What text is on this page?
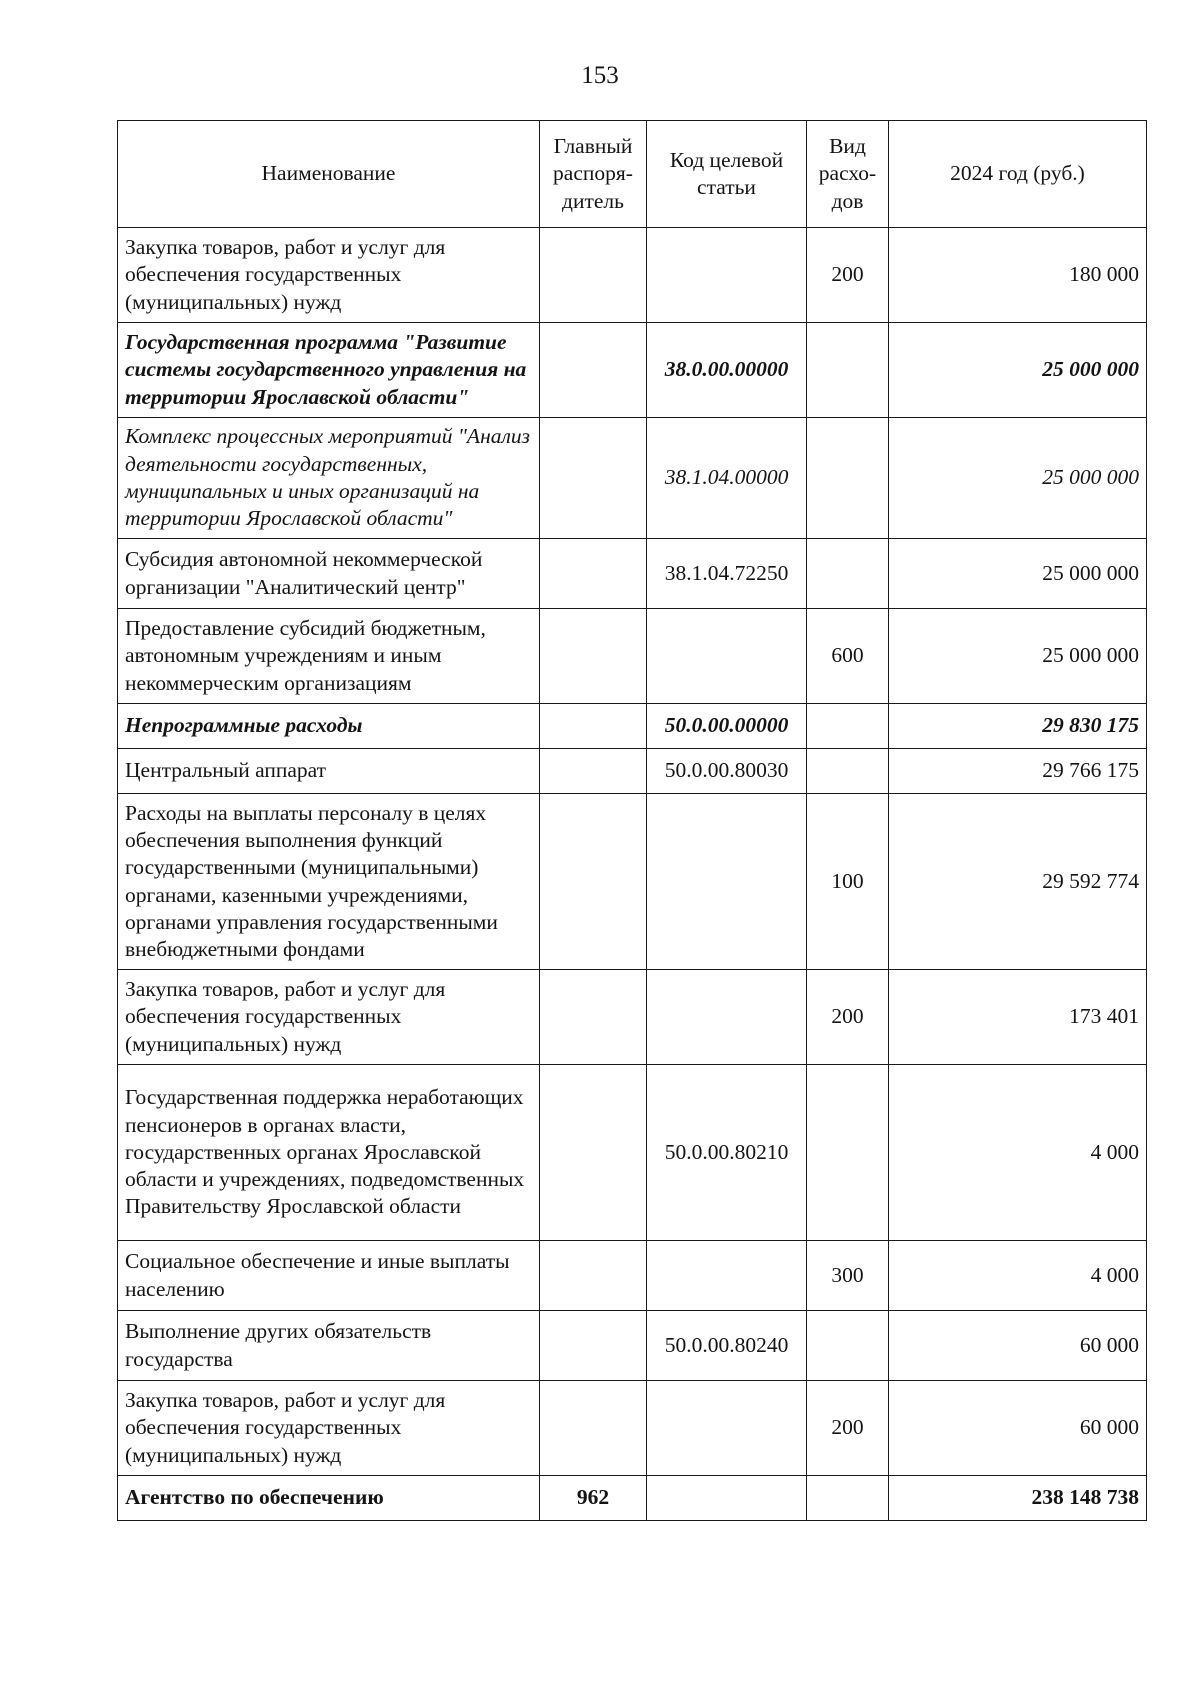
153
Наименование	Главный распоря-дитель	Код целевой статьи	Вид расхо-дов	2024 год (руб.)
Закупка товаров, работ и услуг для обеспечения государственных (муниципальных) нужд			200	180 000
Государственная программа "Развитие системы государственного управления на территории Ярославской области"		38.0.00.00000		25 000 000
Комплекс процессных мероприятий "Анализ деятельности государственных, муниципальных и иных организаций на территории Ярославской области"		38.1.04.00000		25 000 000
Субсидия автономной некоммерческой организации "Аналитический центр"		38.1.04.72250		25 000 000
Предоставление субсидий бюджетным, автономным учреждениям и иным некоммерческим организациям			600	25 000 000
Непрограммные расходы		50.0.00.00000		29 830 175
Центральный аппарат		50.0.00.80030		29 766 175
Расходы на выплаты персоналу в целях обеспечения выполнения функций государственными (муниципальными) органами, казенными учреждениями, органами управления государственными внебюджетными фондами			100	29 592 774
Закупка товаров, работ и услуг для обеспечения государственных (муниципальных) нужд			200	173 401
Государственная поддержка неработающих пенсионеров в органах власти, государственных органах Ярославской области и учреждениях, подведомственных Правительству Ярославской области		50.0.00.80210		4 000
Социальное обеспечение и иные выплаты населению			300	4 000
Выполнение других обязательств государства		50.0.00.80240		60 000
Закупка товаров, работ и услуг для обеспечения государственных (муниципальных) нужд			200	60 000
Агентство по обеспечению	962			238 148 738
